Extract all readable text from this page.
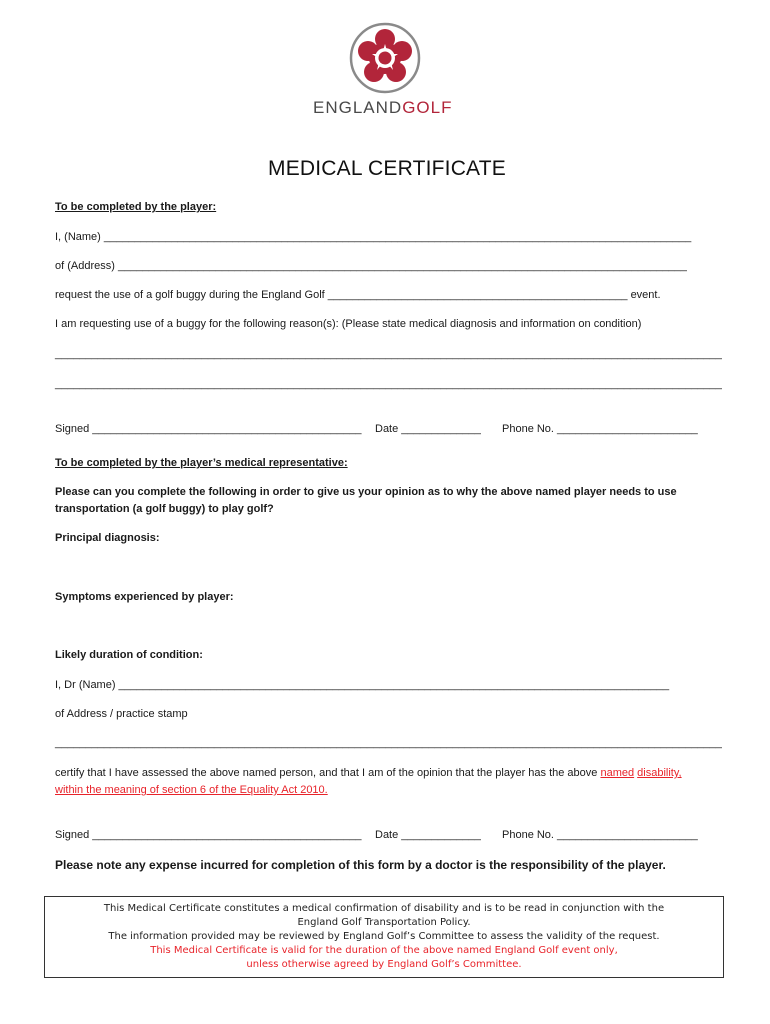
ENGLANDGOLF
MEDICAL CERTIFICATE
To be completed by the player:
I, (Name) ________________________________________________________________________________________________
of (Address) _____________________________________________________________________________________________
request the use of a golf buggy during the England Golf _________________________________________________ event.
I am requesting use of a buggy for the following reason(s): (Please state medical diagnosis and information on condition)
_____________________________________________________________________________________________________________
_____________________________________________________________________________________________________________
Signed ____________________________________________ Date _____________ Phone No. _______________________
To be completed by the player’s medical representative:
Please can you complete the following in order to give us your opinion as to why the above named player needs to use transportation (a golf buggy) to play golf?
Principal diagnosis:
Symptoms experienced by player:
Likely duration of condition:
I, Dr (Name) __________________________________________________________________________________________
of Address / practice stamp
_____________________________________________________________________________________________________________
certify that I have assessed the above named person, and that I am of the opinion that the player has the above named disability, within the meaning of section 6 of the Equality Act 2010.
Signed ____________________________________________ Date _____________ Phone No. _______________________
Please note any expense incurred for completion of this form by a doctor is the responsibility of the player.
This Medical Certificate constitutes a medical confirmation of disability and is to be read in conjunction with the
England Golf Transportation Policy.
The information provided may be reviewed by England Golf’s Committee to assess the validity of the request.
This Medical Certificate is valid for the duration of the above named England Golf event only,
unless otherwise agreed by England Golf’s Committee.
